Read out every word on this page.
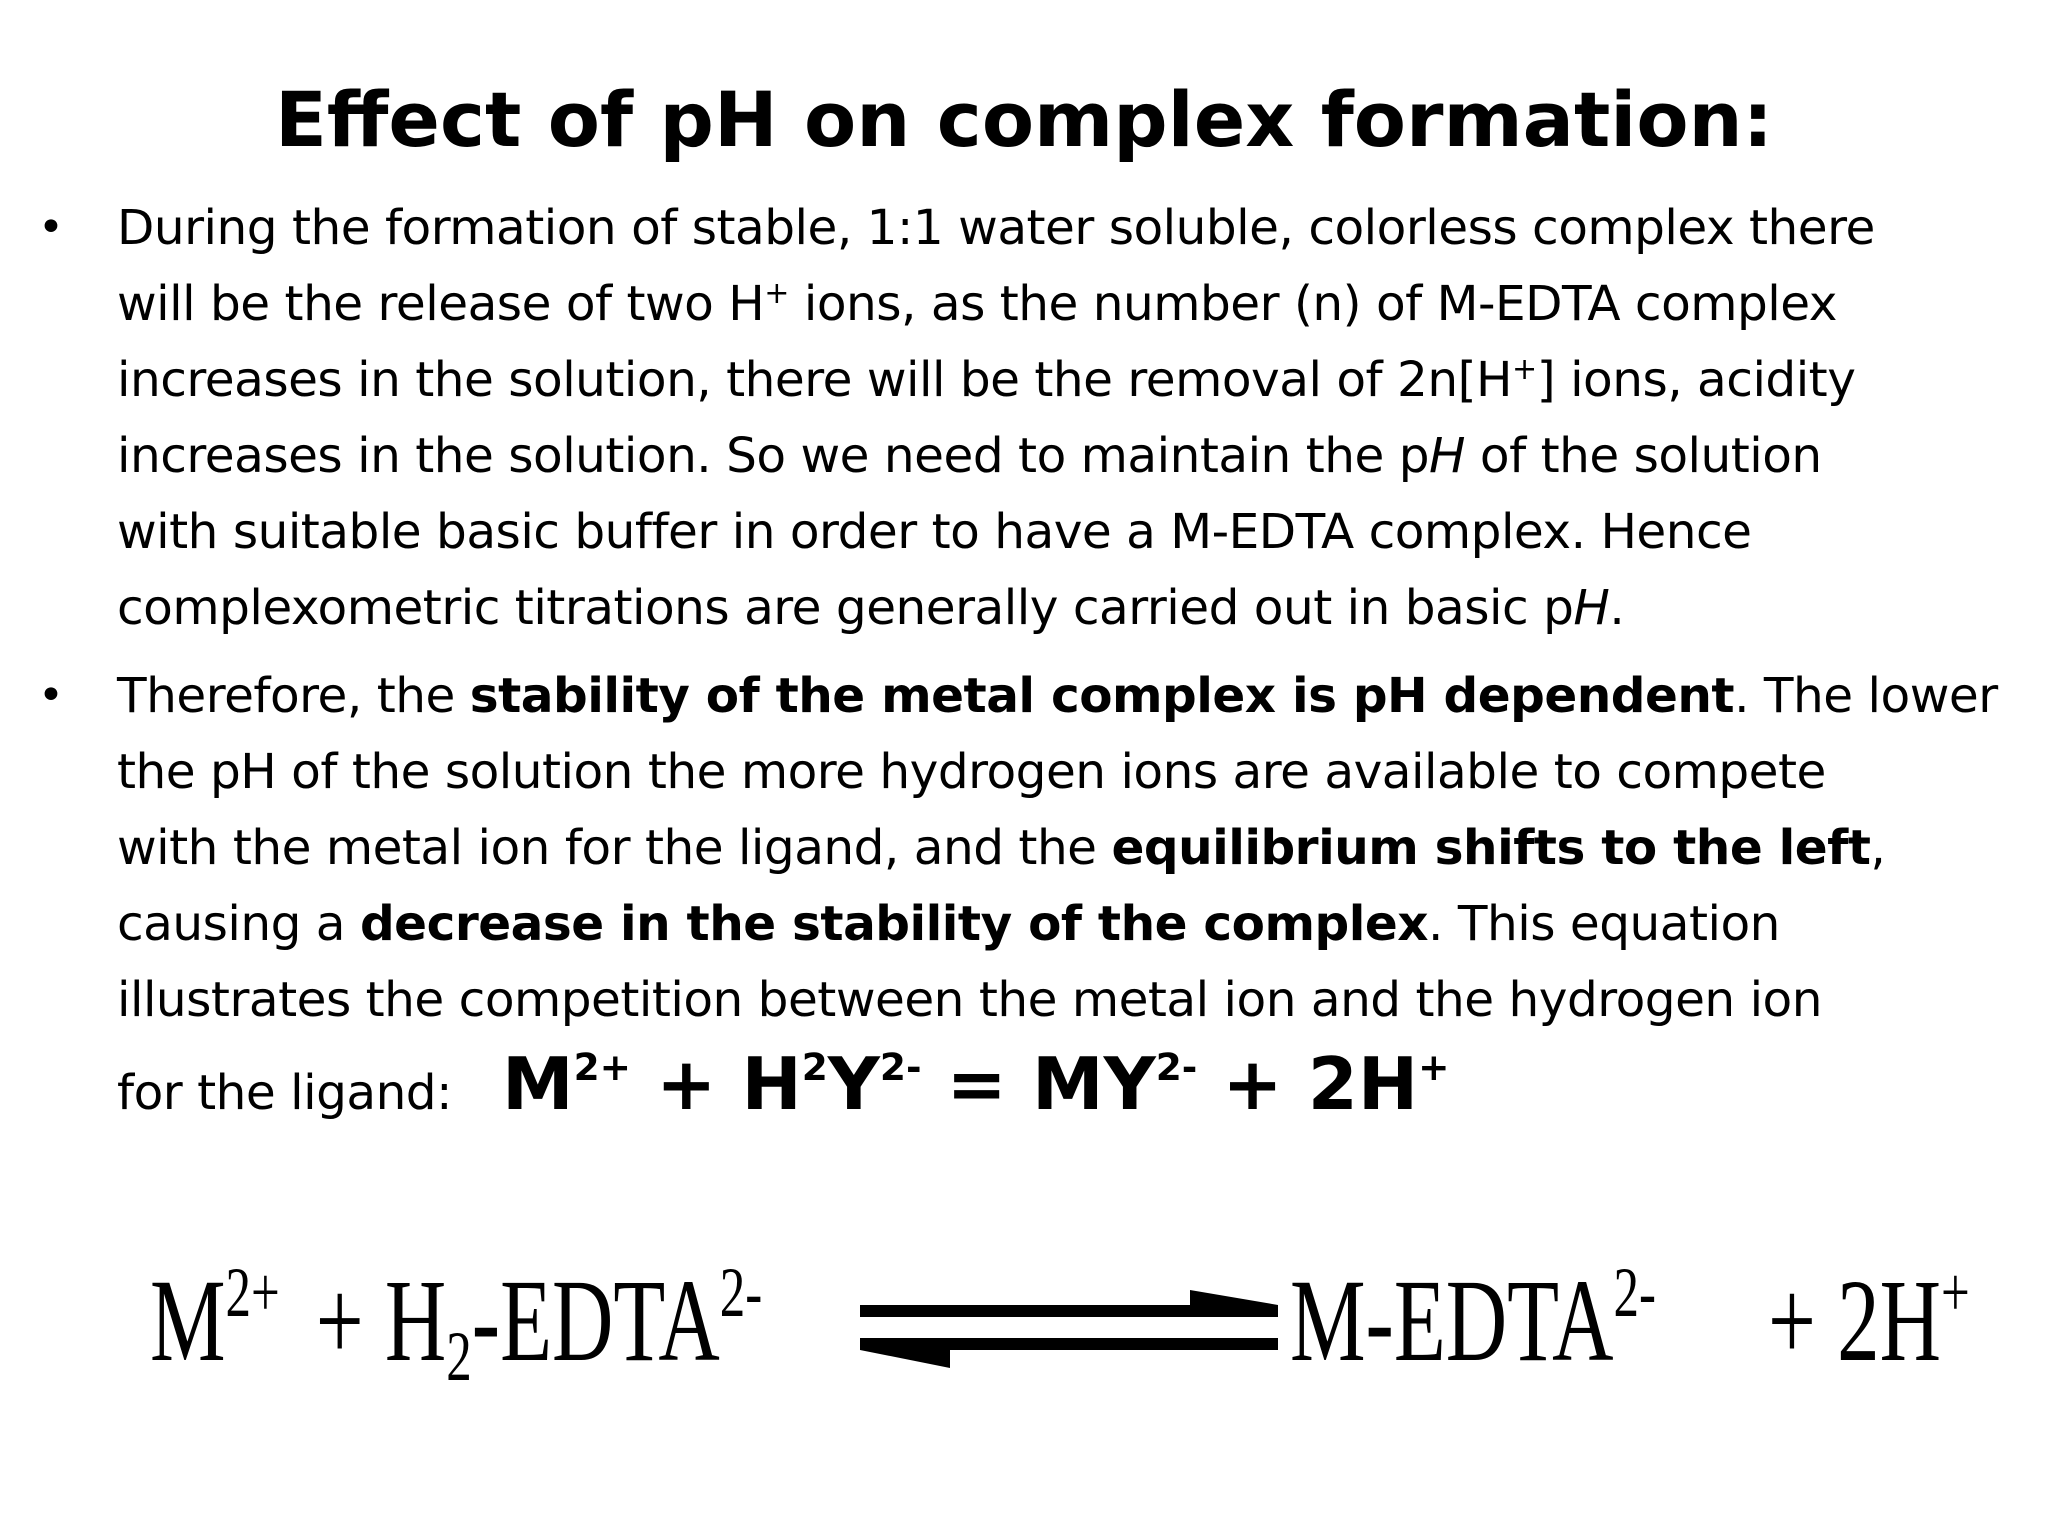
Effect of pH on complex formation:
• During the formation of stable, 1:1 water soluble, colorless complex there
will be the release of two H+ ions, as the number (n) of M-EDTA complex
increases in the solution, there will be the removal of 2n[H+] ions, acidity
increases in the solution. So we need to maintain the pH of the solution
with suitable basic buffer in order to have a M-EDTA complex. Hence
complexometric titrations are generally carried out in basic pH.
• Therefore, the stability of the metal complex is pH dependent. The lower
the pH of the solution the more hydrogen ions are available to compete
with the metal ion for the ligand, and the equilibrium shifts to the left,
causing a decrease in the stability of the complex. This equation
illustrates the competition between the metal ion and the hydrogen ion
for the ligand: $M^{2+} + H^2Y^{2-} = MY^{2-} + 2H^+$
$M^{2+}$ + $H_2-EDTA^{2-}$	$M-EDTA^{2-} + 2H^+$
